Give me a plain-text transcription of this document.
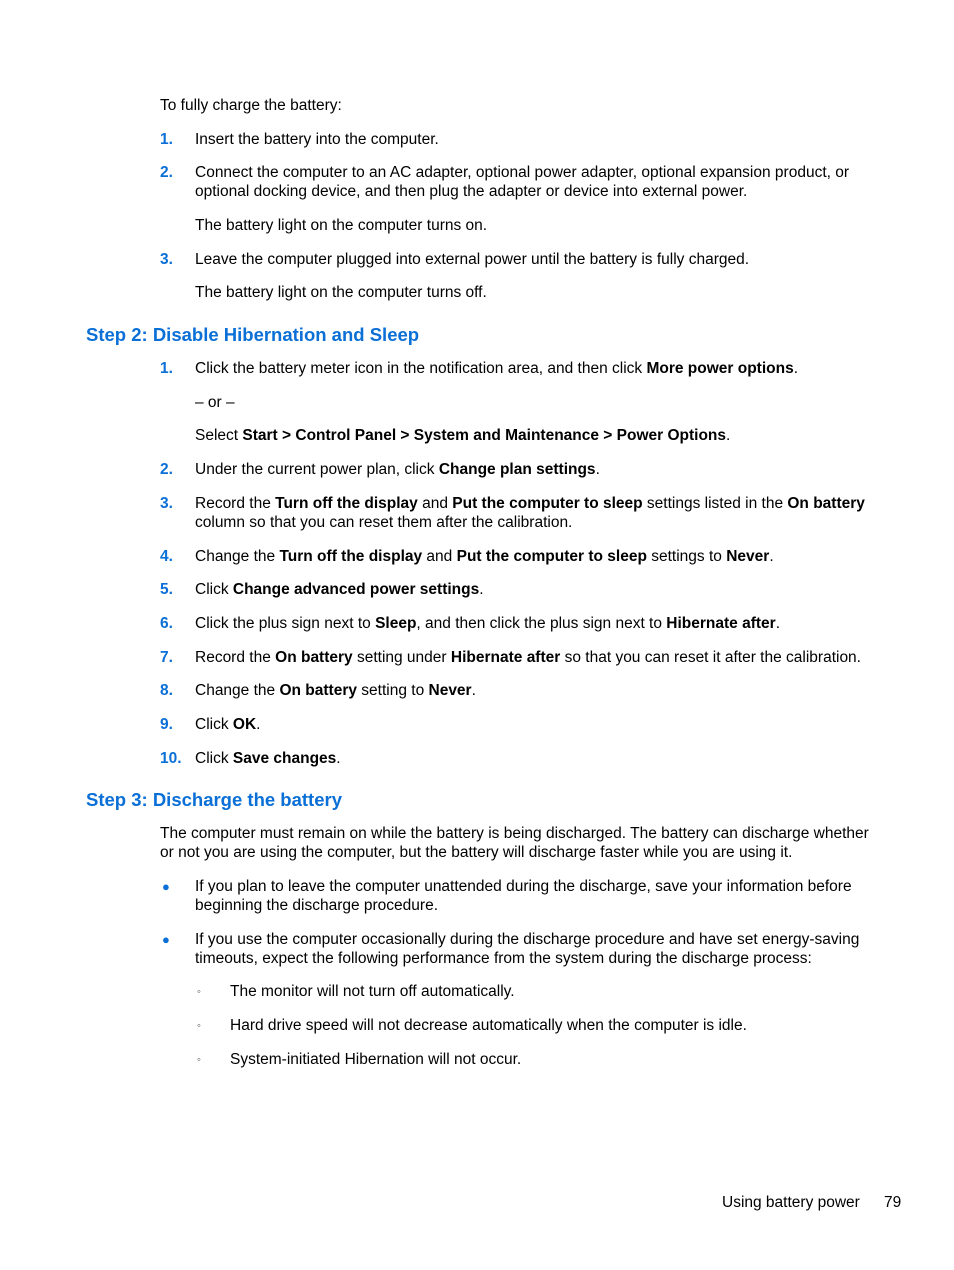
To fully charge the battery:
1. Insert the battery into the computer.
2. Connect the computer to an AC adapter, optional power adapter, optional expansion product, or optional docking device, and then plug the adapter or device into external power.
The battery light on the computer turns on.
3. Leave the computer plugged into external power until the battery is fully charged.
The battery light on the computer turns off.
Step 2: Disable Hibernation and Sleep
1. Click the battery meter icon in the notification area, and then click More power options.
– or –
Select Start > Control Panel > System and Maintenance > Power Options.
2. Under the current power plan, click Change plan settings.
3. Record the Turn off the display and Put the computer to sleep settings listed in the On battery column so that you can reset them after the calibration.
4. Change the Turn off the display and Put the computer to sleep settings to Never.
5. Click Change advanced power settings.
6. Click the plus sign next to Sleep, and then click the plus sign next to Hibernate after.
7. Record the On battery setting under Hibernate after so that you can reset it after the calibration.
8. Change the On battery setting to Never.
9. Click OK.
10. Click Save changes.
Step 3: Discharge the battery
The computer must remain on while the battery is being discharged. The battery can discharge whether or not you are using the computer, but the battery will discharge faster while you are using it.
● If you plan to leave the computer unattended during the discharge, save your information before beginning the discharge procedure.
● If you use the computer occasionally during the discharge procedure and have set energy-saving timeouts, expect the following performance from the system during the discharge process:
◦ The monitor will not turn off automatically.
◦ Hard drive speed will not decrease automatically when the computer is idle.
◦ System-initiated Hibernation will not occur.
Using battery power 79
